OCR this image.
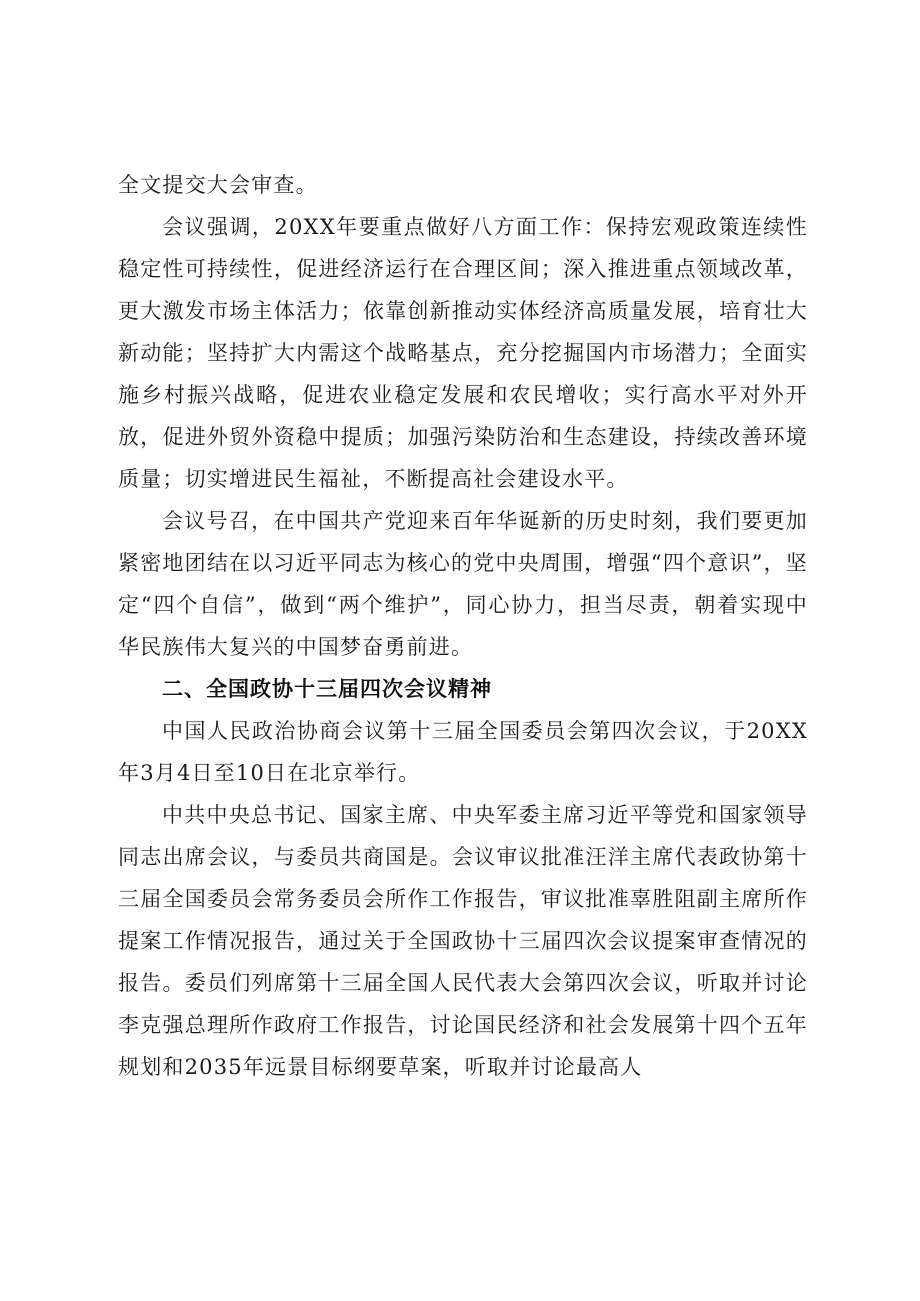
全文提交大会审查。

会议强调，20XX年要重点做好八方面工作：保持宏观政策连续性稳定性可持续性，促进经济运行在合理区间；深入推进重点领域改革，更大激发市场主体活力；依靠创新推动实体经济高质量发展，培育壮大新动能；坚持扩大内需这个战略基点，充分挖掘国内市场潜力；全面实施乡村振兴战略，促进农业稳定发展和农民增收；实行高水平对外开放，促进外贸外资稳中提质；加强污染防治和生态建设，持续改善环境质量；切实增进民生福祉，不断提高社会建设水平。

会议号召，在中国共产党迎来百年华诞新的历史时刻，我们要更加紧密地团结在以习近平同志为核心的党中央周围，增强“四个意识”，坚定“四个自信”，做到“两个维护”，同心协力，担当尽责，朝着实现中华民族伟大复兴的中国梦奋勇前进。

二、全国政协十三届四次会议精神

中国人民政治协商会议第十三届全国委员会第四次会议，于20XX年3月4日至10日在北京举行。

中共中央总书记、国家主席、中央军委主席习近平等党和国家领导同志出席会议，与委员共商国是。会议审议批准汪洋主席代表政协第十三届全国委员会常务委员会所作工作报告，审议批准辜胜阻副主席所作提案工作情况报告，通过关于全国政协十三届四次会议提案审查情况的报告。委员们列席第十三届全国人民代表大会第四次会议，听取并讨论李克强总理所作政府工作报告，讨论国民经济和社会发展第十四个五年规划和2035年远景目标纲要草案，听取并讨论最高人
